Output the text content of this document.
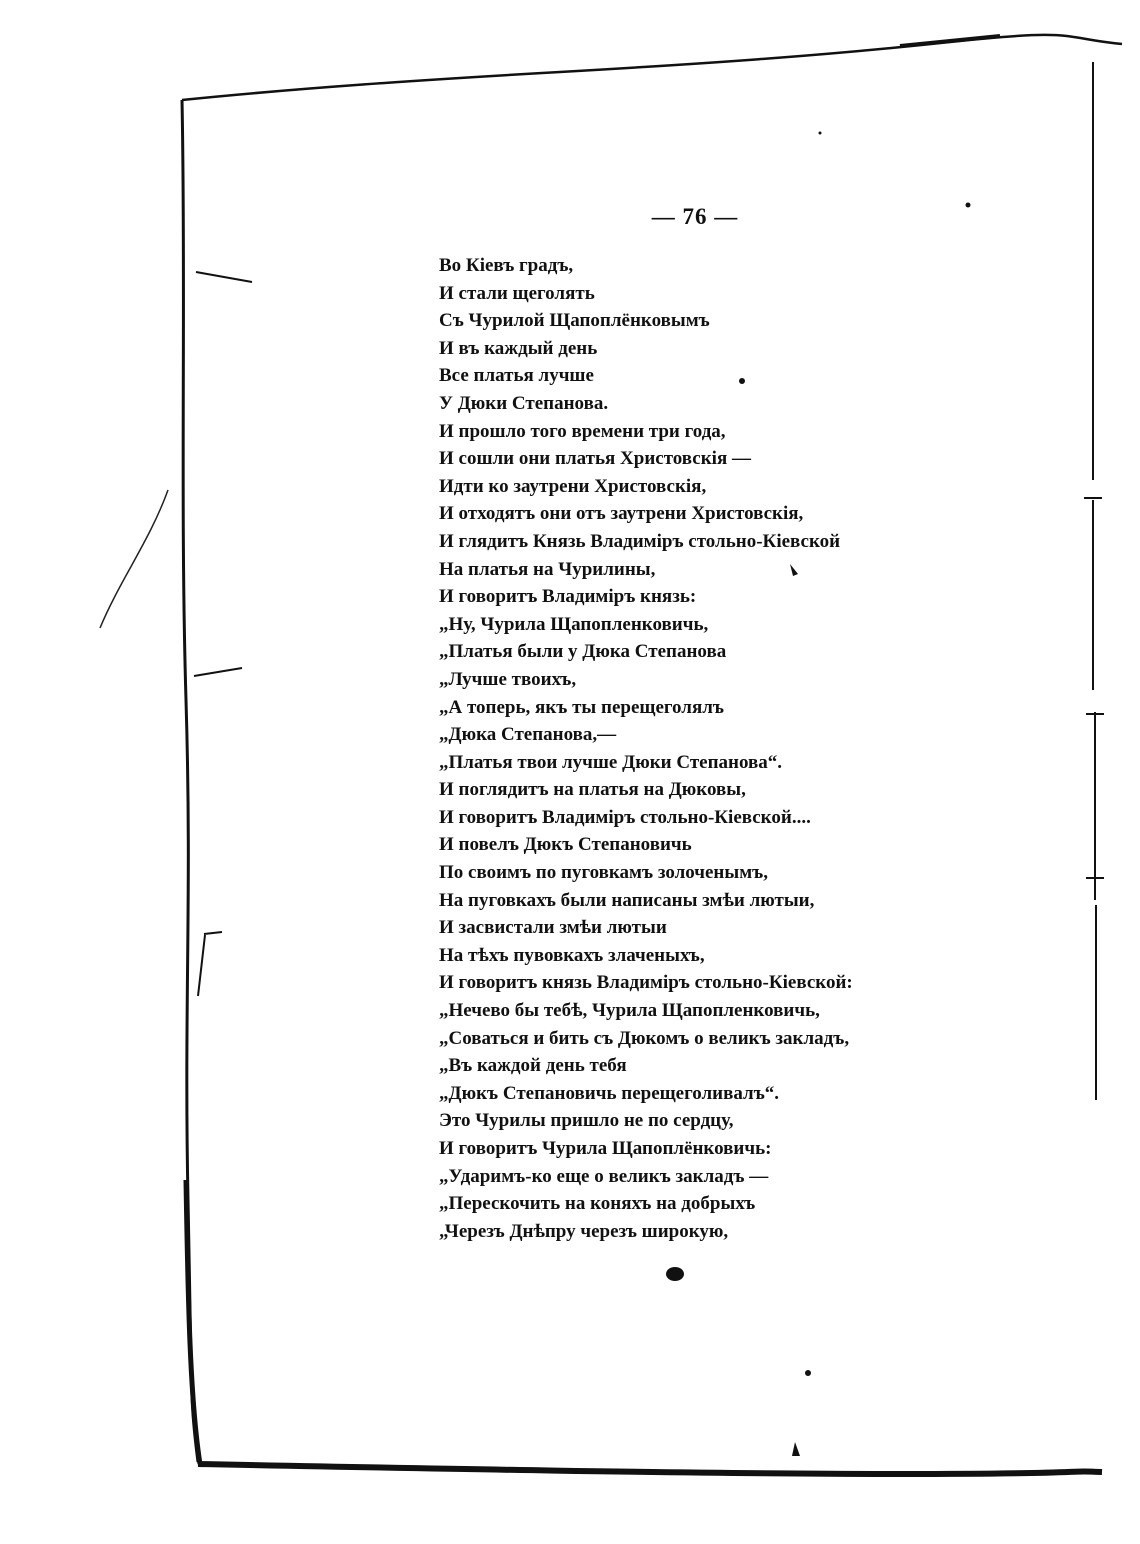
— 76 —
Во Кіевъ градъ,
И стали щеголять
Съ Чурилой Щапоплёнковымъ
И въ каждый день
Все платья лучше
У Дюки Степанова.
И прошло того времени три года,
И сошли они платья Христовскія —
Идти ко заутрени Христовскія,
И отходятъ они отъ заутрени Христовскія,
И глядитъ Князь Владиміръ стольно-Кіевской
На платья на Чурилины,
И говоритъ Владиміръ князь:
„Ну, Чурила Щапопленковичь,
„Платья были у Дюка Степанова
„Лучше твоихъ,
„А топерь, якъ ты перещеголялъ
„Дюка Степанова,—
„Платья твои лучше Дюки Степанова“.
И поглядитъ на платья на Дюковы,
И говоритъ Владиміръ стольно-Кіевской....
И повелъ Дюкъ Степановичь
По своимъ по пуговкамъ золоченымъ,
На пуговкахъ были написаны змѣи лютыи,
И засвистали змѣи лютыи
На тѣхъ пувовкахъ злаченыхъ,
И говоритъ князь Владиміръ стольно-Кіевской:
„Нечево бы тебѣ, Чурила Щапопленковичь,
„Соваться и бить съ Дюкомъ о великъ закладъ,
„Въ каждой день тебя
„Дюкъ Степановичь перещеголивалъ“.
Это Чурилы пришло не по сердцу,
И говоритъ Чурила Щапоплёнковичь:
„Ударимъ-ко еще о великъ закладъ —
„Перескочить на коняхъ на добрыхъ
„Черезъ Днѣпру черезъ широкую,
